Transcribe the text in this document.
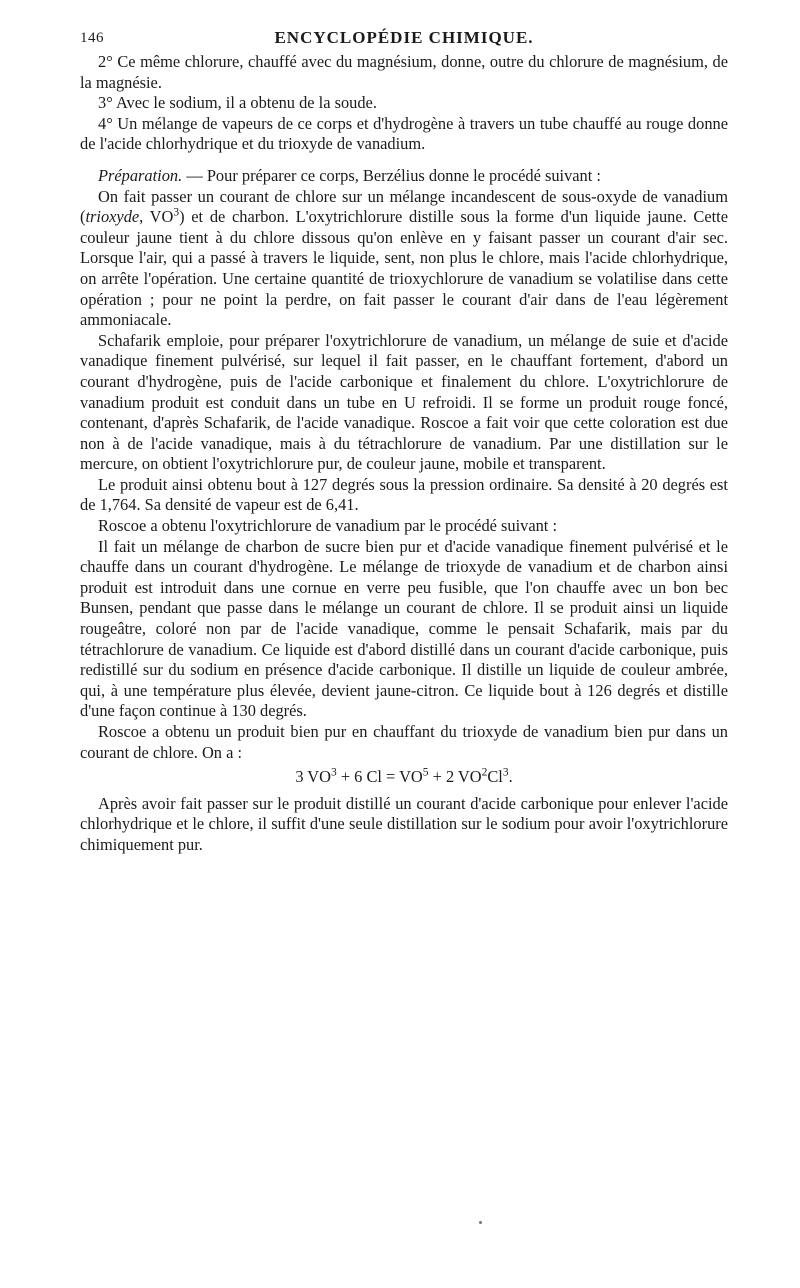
146	ENCYCLOPÉDIE CHIMIQUE.

2° Ce même chlorure, chauffé avec du magnésium, donne, outre du chlorure de magnésium, de la magnésie.

3° Avec le sodium, il a obtenu de la soude.

4° Un mélange de vapeurs de ce corps et d'hydrogène à travers un tube chauffé au rouge donne de l'acide chlorhydrique et du trioxyde de vanadium.

Préparation. — Pour préparer ce corps, Berzélius donne le procédé suivant :

On fait passer un courant de chlore sur un mélange incandescent de sous-oxyde de vanadium (trioxyde, $VO^3$) et de charbon. L'oxytrichlorure distille sous la forme d'un liquide jaune. Cette couleur jaune tient à du chlore dissous qu'on enlève en y faisant passer un courant d'air sec. Lorsque l'air, qui a passé à travers le liquide, sent, non plus le chlore, mais l'acide chlorhydrique, on arrête l'opération. Une certaine quantité de trioxychlorure de vanadium se volatilise dans cette opération ; pour ne point la perdre, on fait passer le courant d'air dans de l'eau légèrement ammoniacale.

Schafarik emploie, pour préparer l'oxytrichlorure de vanadium, un mélange de suie et d'acide vanadique finement pulvérisé, sur lequel il fait passer, en le chauffant fortement, d'abord un courant d'hydrogène, puis de l'acide carbonique et finalement du chlore. L'oxytrichlorure de vanadium produit est conduit dans un tube en U refroidi. Il se forme un produit rouge foncé, contenant, d'après Schafarik, de l'acide vanadique. Roscoe a fait voir que cette coloration est due non à de l'acide vanadique, mais à du tétrachlorure de vanadium. Par une distillation sur le mercure, on obtient l'oxytrichlorure pur, de couleur jaune, mobile et transparent.

Le produit ainsi obtenu bout à 127 degrés sous la pression ordinaire. Sa densité à 20 degrés est de 1,764. Sa densité de vapeur est de 6,41.

Roscoe a obtenu l'oxytrichlorure de vanadium par le procédé suivant :

Il fait un mélange de charbon de sucre bien pur et d'acide vanadique finement pulvérisé et le chauffe dans un courant d'hydrogène. Le mélange de trioxyde de vanadium et de charbon ainsi produit est introduit dans une cornue en verre peu fusible, que l'on chauffe avec un bon bec Bunsen, pendant que passe dans le mélange un courant de chlore. Il se produit ainsi un liquide rougeâtre, coloré non par de l'acide vanadique, comme le pensait Schafarik, mais par du tétrachlorure de vanadium. Ce liquide est d'abord distillé dans un courant d'acide carbonique, puis redistillé sur du sodium en présence d'acide carbonique. Il distille un liquide de couleur ambrée, qui, à une température plus élevée, devient jaune-citron. Ce liquide bout à 126 degrés et distille d'une façon continue à 130 degrés.

Roscoe a obtenu un produit bien pur en chauffant du trioxyde de vanadium bien pur dans un courant de chlore. On a :

3 $VO^3 + 6$ $Cl = VO^5 + 2$ $VO^2Cl^3$.

Après avoir fait passer sur le produit distillé un courant d'acide carbonique pour enlever l'acide chlorhydrique et le chlore, il suffit d'une seule distillation sur le sodium pour avoir l'oxytrichlorure chimiquement pur.
